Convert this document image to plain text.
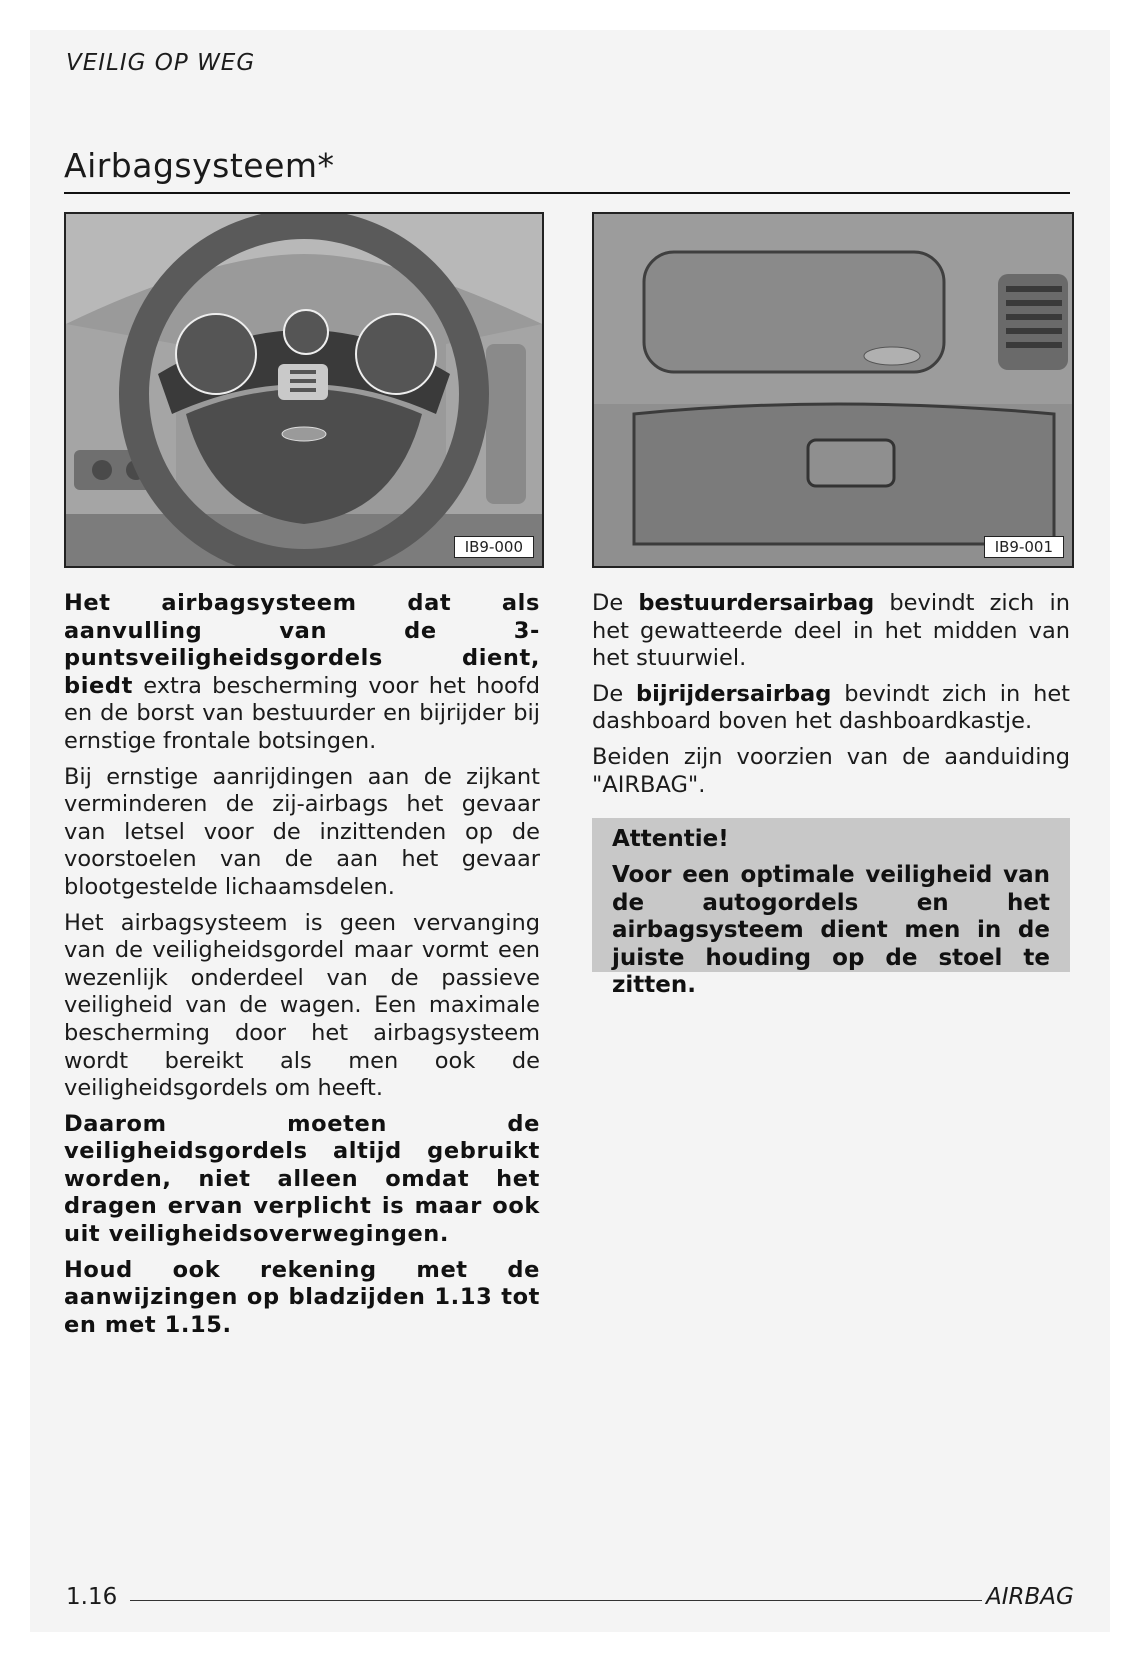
VEILIG OP WEG
Airbagsysteem*
IB9-000	IB9-001

Het airbagsysteem dat als aanvulling van de 3-puntsveiligheidsgordels dient, biedt extra bescherming voor het hoofd en de borst van bestuurder en bijrijder bij ernstige frontale botsingen.

Bij ernstige aanrijdingen aan de zijkant verminderen de zij-airbags het gevaar van letsel voor de inzittenden op de voorstoelen van de aan het gevaar blootgestelde lichaamsdelen.

Het airbagsysteem is geen vervanging van de veiligheidsgordel maar vormt een wezenlijk onderdeel van de passieve veiligheid van de wagen. Een maximale bescherming door het airbagsysteem wordt bereikt als men ook de veiligheidsgordels om heeft.

Daarom moeten de veiligheidsgordels altijd gebruikt worden, niet alleen omdat het dragen ervan verplicht is maar ook uit veiligheidsoverwegingen.

Houd ook rekening met de aanwijzingen op bladzijden 1.13 tot en met 1.15.

De bestuurdersairbag bevindt zich in het gewatteerde deel in het midden van het stuurwiel.

De bijrijdersairbag bevindt zich in het dashboard boven het dashboardkastje.

Beiden zijn voorzien van de aanduiding "AIRBAG".

Attentie!
Voor een optimale veiligheid van de autogordels en het airbagsysteem dient men in de juiste houding op de stoel te zitten.
1.16	AIRBAG
